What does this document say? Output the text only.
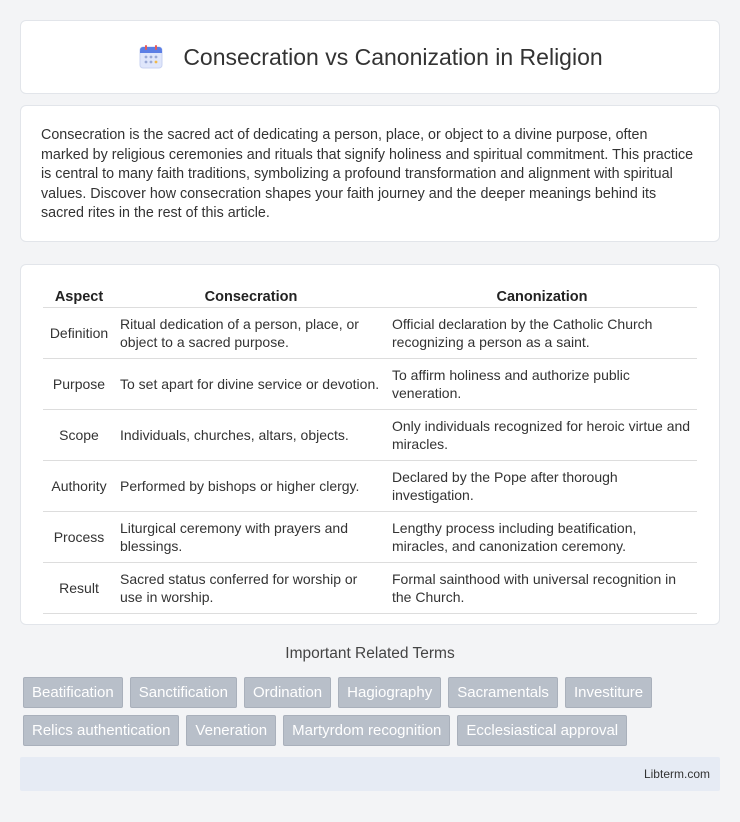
Consecration vs Canonization in Religion

Consecration is the sacred act of dedicating a person, place, or object to a divine purpose, often marked by religious ceremonies and rituals that signify holiness and spiritual commitment. This practice is central to many faith traditions, symbolizing a profound transformation and alignment with spiritual values. Discover how consecration shapes your faith journey and the deeper meanings behind its sacred rites in the rest of this article.

Aspect	Consecration	Canonization
Definition	Ritual dedication of a person, place, or object to a sacred purpose.	Official declaration by the Catholic Church recognizing a person as a saint.
Purpose	To set apart for divine service or devotion.	To affirm holiness and authorize public veneration.
Scope	Individuals, churches, altars, objects.	Only individuals recognized for heroic virtue and miracles.
Authority	Performed by bishops or higher clergy.	Declared by the Pope after thorough investigation.
Process	Liturgical ceremony with prayers and blessings.	Lengthy process including beatification, miracles, and canonization ceremony.
Result	Sacred status conferred for worship or use in worship.	Formal sainthood with universal recognition in the Church.
Important Related Terms
Beatification	Sanctification	Ordination	Hagiography	Sacramentals	Investiture
Relics authentication	Veneration	Martyrdom recognition	Ecclesiastical approval
Libterm.com
